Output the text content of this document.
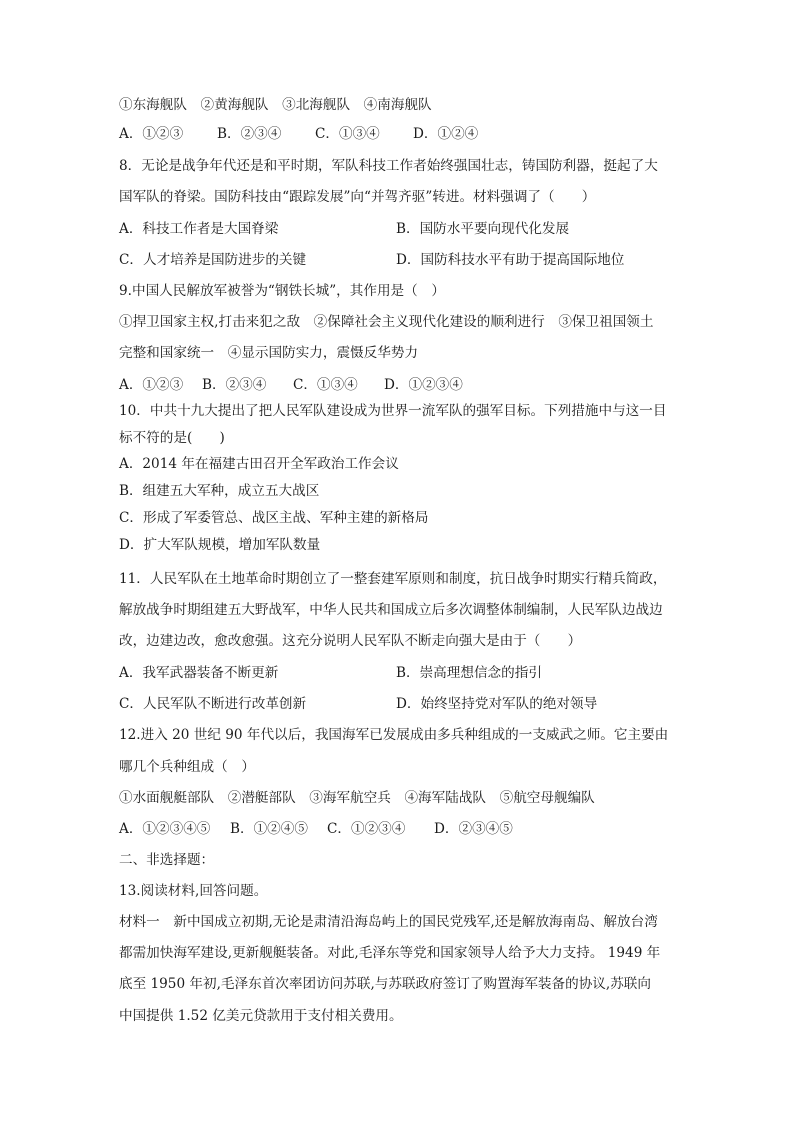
①东海舰队　②黄海舰队　③北海舰队　④南海舰队
A．①②③ B．②③④ C．①③④ D．①②④
8．无论是战争年代还是和平时期，军队科技工作者始终强国壮志，铸国防利器，挺起了大
国军队的脊梁。国防科技由“跟踪发展”向“并驾齐驱”转进。材料强调了（　　）
A．科技工作者是大国脊梁	B．国防水平要向现代化发展
C．人才培养是国防进步的关键	D．国防科技水平有助于提高国际地位
9.中国人民解放军被誉为“钢铁长城”，其作用是（　）
①捍卫国家主权,打击来犯之敌　②保障社会主义现代化建设的顺利进行　③保卫祖国领土
完整和国家统一　④显示国防实力，震慑反华势力
A．①②③ B．②③④ C．①③④ D．①②③④
10．中共十九大提出了把人民军队建设成为世界一流军队的强军目标。下列措施中与这一目
标不符的是(　　)
A．2014 年在福建古田召开全军政治工作会议
B．组建五大军种，成立五大战区
C．形成了军委管总、战区主战、军种主建的新格局
D．扩大军队规模，增加军队数量
11．人民军队在土地革命时期创立了一整套建军原则和制度，抗日战争时期实行精兵简政，
解放战争时期组建五大野战军，中华人民共和国成立后多次调整体制编制，人民军队边战边
改，边建边改，愈改愈强。这充分说明人民军队不断走向强大是由于（　　）
A．我军武器装备不断更新	B．崇高理想信念的指引
C．人民军队不断进行改革创新	D．始终坚持党对军队的绝对领导
12.进入 20 世纪 90 年代以后，我国海军已发展成由多兵种组成的一支威武之师。它主要由
哪几个兵种组成（　）
①水面舰艇部队　②潜艇部队　③海军航空兵　④海军陆战队　⑤航空母舰编队
A．①②③④⑤ B．①②④⑤ C．①②③④ D．②③④⑤
二、非选择题：
13.阅读材料,回答问题。
材料一　新中国成立初期,无论是肃清沿海岛屿上的国民党残军,还是解放海南岛、解放台湾
都需加快海军建设,更新舰艇装备。对此,毛泽东等党和国家领导人给予大力支持。 1949 年
底至 1950 年初,毛泽东首次率团访问苏联,与苏联政府签订了购置海军装备的协议,苏联向
中国提供 1.52 亿美元贷款用于支付相关费用。
